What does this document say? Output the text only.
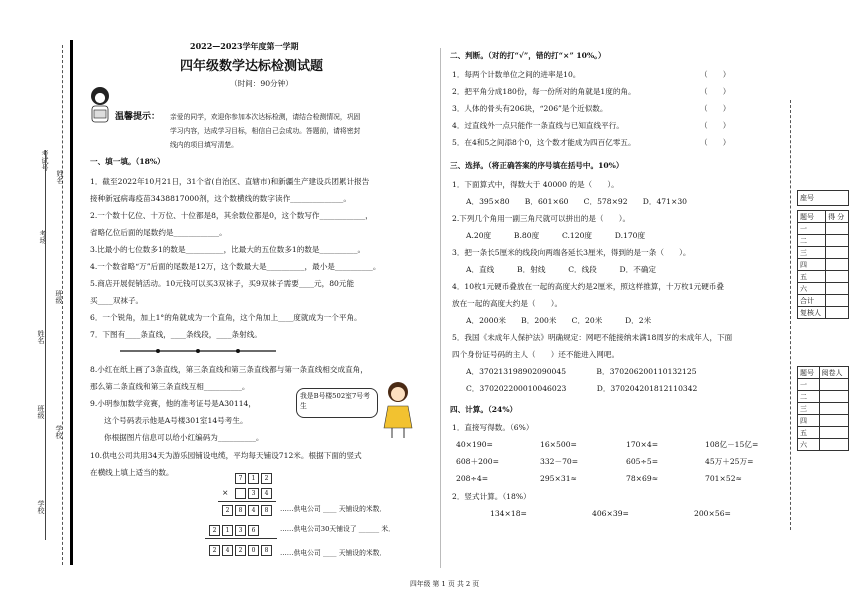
考试号
姓名
考场
班级
姓名
班级
学校
学校
2022—2023学年度第一学期
四年级数学达标检测试题
（时间：90分钟）
温馨提示： 亲爱的同学，欢迎你参加本次达标检测，请结合检测情况，巩固
学习内容，达成学习目标，相信自己会成功。答题前，请将密封
线内的项目填写清楚。
一、填一填。（18%）
1．截至2022年10月21日，31个省(自治区、直辖市)和新疆生产建设兵团累计报告
接种新冠病毒疫苗3438817000剂，这个数横线的数字读作______________。
2.一个数十亿位、十万位、十位都是8，其余数位都是0，这个数写作____________，
省略亿位后面的尾数约是____________。
3.比最小的七位数多1的数是__________，比最大的五位数多1的数是__________。
4.一个数省略“万”后面的尾数是12万，这个数最大是__________，最小是__________。
5.商店开展促销活动。10元钱可以买3双袜子，买9双袜子需要____元，80元能
买____双袜子。
6．一个锐角，加上1°的角就成为一个直角，这个角加上____度就成为一个平角。
7．下图有____条直线，____条线段，____条射线。
8.小红在纸上画了3条直线，第三条直线和第三条直线都与第一条直线相交成直角，
那么第二条直线和第三条直线互相__________。
9.小明参加数学竞赛，他的准考证号是A30114，
这个号码表示他是A号楼301室14号考生。
你根据图片信息可以给小红编码为__________。
我是B号楼502室7号考生
10.供电公司共用34天为游乐园铺设电缆，平均每天铺设712米。根据下面的竖式
在横线上填上适当的数。
7	1	2
×	3	4
2	8	4	8	……供电公司 ____ 天铺设的米数．
2	1	3	6	……供电公司30天铺设了 ______ 米．
2	4	2	0	8	……供电公司 ____ 天铺设的米数．
二、判断。（对的打“√”，错的打“×” 10%。）
1．每两个计数单位之间的进率是10。
2．把平角分成180份，每一份所对的角就是1度的角。
3．人体的骨头有206块，“206”是个近似数。
4．过直线外一点只能作一条直线与已知直线平行。
5．在4和5之间添8个0，这个数才能成为四百亿零五。
（　　）
（　　）
（　　）
（　　）
（　　）
三、选择。（将正确答案的序号填在括号中。10%）
1．下面算式中，得数大于 40000 的是（　　）。
A．395×80　　B．601×60　　C．578×92　　D．471×30
2.下列几个角用一副三角尺就可以拼出的是（　　）。
A.20度　　　B.80度　　　C.120度　　　D.170度
3．把一条长5厘米的线段向两端各延长3厘米，得到的是一条（　　）。
A．直线　　　B．射线　　　C．线段　　　D．不确定
4．10枚1元硬币叠放在一起的高度大约是2厘米，照这样推算，十万枚1元硬币叠
放在一起的高度大约是（　　）。
A．2000米　　B．200米　　C．20米　　　D．2米
5．我国《未成年人保护法》明确规定：网吧不能接纳未满18周岁的未成年人，下面
四个身份证号码的主人（　　）还不能进入网吧。
A．370213198902090045　　　　B．370206200110132125
C．370202200010046023　　　　D．370204201812110342
四、计算。（24%）
1．直接写得数。（6%）
40×190=	16×500=	170×4=	108亿－15亿=
608＋200=	332－70=	605÷5=	45万＋25万=
208÷4=	295×31≈	78×69≈	701×52≈
2．竖式计算。（18%）
134×18=	406×39=	200×56=
座号	

题号	得 分
一	
二	
三	
四	
五	
六	
合计	
复核人	
题号	阅卷人
一	
二	
三	
四	
五	
六	
四年级 第 1 页 共 2 页
